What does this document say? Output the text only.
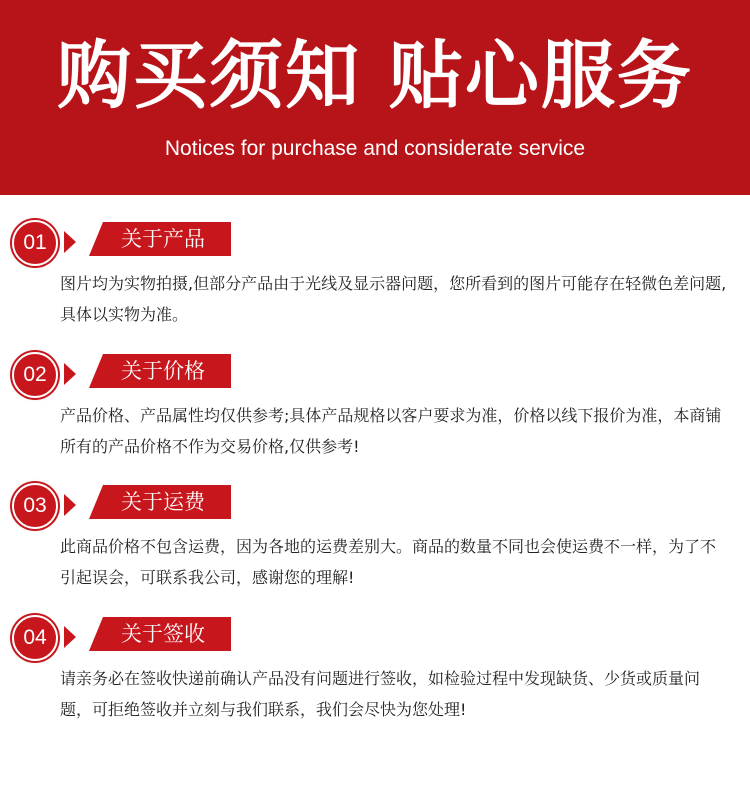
购买须知 贴心服务
Notices for purchase and considerate service
01	关于产品
图片均为实物拍摄,但部分产品由于光线及显示器问题，您所看到的图片可能存在轻微色差问题,具体以实物为准。
02	关于价格
产品价格、产品属性均仅供参考;具体产品规格以客户要求为准，价格以线下报价为准，本商铺所有的产品价格不作为交易价格,仅供参考!
03	关于运费
此商品价格不包含运费，因为各地的运费差别大。商品的数量不同也会使运费不一样，为了不引起误会，可联系我公司，感谢您的理解!
04	关于签收
请亲务必在签收快递前确认产品没有问题进行签收，如检验过程中发现缺货、少货或质量问题，可拒绝签收并立刻与我们联系，我们会尽快为您处理!
